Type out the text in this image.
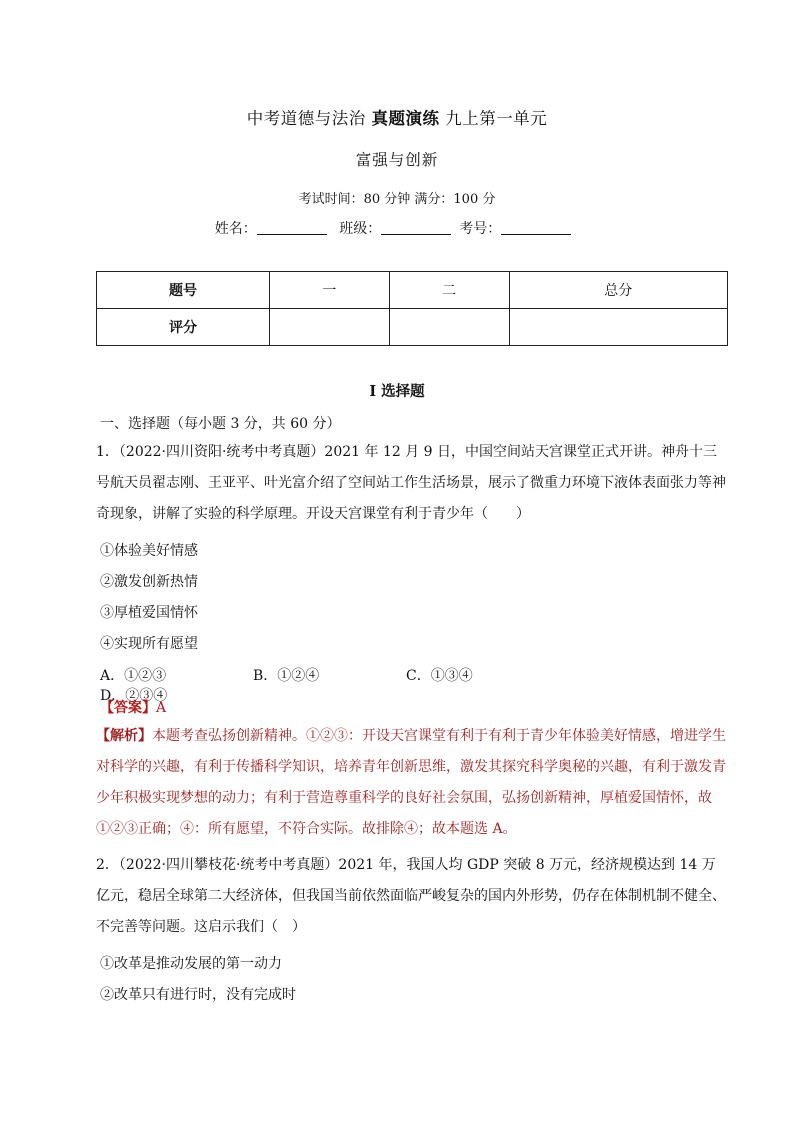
中考道德与法治 真题演练 九上第一单元
富强与创新
考试时间：80 分钟 满分：100 分
姓名：	班级：	考号：
题号	一	二	总分
评分			
I 选择题
一、选择题（每小题 3 分，共 60 分）
1．（2022·四川资阳·统考中考真题）2021 年 12 月 9 日，中国空间站天宫课堂正式开讲。神舟十三号航天员翟志刚、王亚平、叶光富介绍了空间站工作生活场景，展示了微重力环境下液体表面张力等神奇现象，讲解了实验的科学原理。开设天宫课堂有利于青少年（　　）
①体验美好情感
②激发创新热情
③厚植爱国情怀
④实现所有愿望
A．①②③	B．①②④	C．①③④D．②③④
【答案】A
【解析】本题考查弘扬创新精神。①②③：开设天宫课堂有利于有利于青少年体验美好情感，增进学生对科学的兴趣，有利于传播科学知识，培养青年创新思维，激发其探究科学奥秘的兴趣，有利于激发青少年积极实现梦想的动力；有利于营造尊重科学的良好社会氛围，弘扬创新精神，厚植爱国情怀，故①②③正确；④：所有愿望，不符合实际。故排除④；故本题选 A。
2．（2022·四川攀枝花·统考中考真题）2021 年，我国人均 GDP 突破 8 万元，经济规模达到 14 万亿元，稳居全球第二大经济体，但我国当前依然面临严峻复杂的国内外形势，仍存在体制机制不健全、不完善等问题。这启示我们（　）
①改革是推动发展的第一动力
②改革只有进行时，没有完成时
